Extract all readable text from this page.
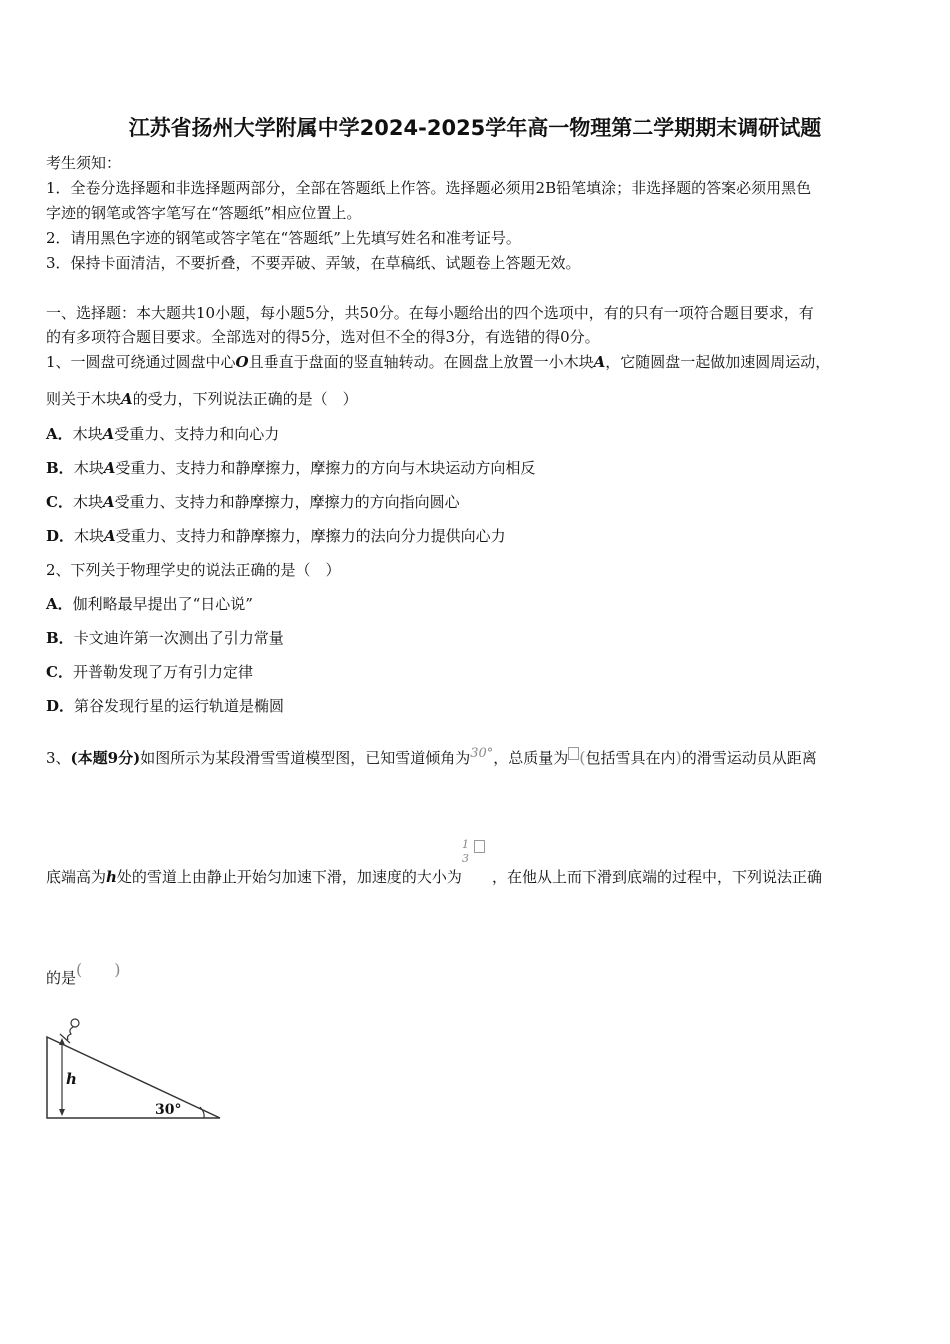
江苏省扬州大学附属中学2024-2025学年高一物理第二学期期末调研试题
考生须知：
1．全卷分选择题和非选择题两部分，全部在答题纸上作答。选择题必须用2B铅笔填涂；非选择题的答案必须用黑色
字迹的钢笔或答字笔写在“答题纸”相应位置上。
2．请用黑色字迹的钢笔或答字笔在“答题纸”上先填写姓名和准考证号。
3．保持卡面清洁，不要折叠，不要弄破、弄皱，在草稿纸、试题卷上答题无效。
一、选择题：本大题共10小题，每小题5分，共50分。在每小题给出的四个选项中，有的只有一项符合题目要求，有
的有多项符合题目要求。全部选对的得5分，选对但不全的得3分，有选错的得0分。
1、一圆盘可绕通过圆盘中心O且垂直于盘面的竖直轴转动。在圆盘上放置一小木块A，它随圆盘一起做加速圆周运动，
则关于木块A的受力，下列说法正确的是（　）
A．木块A受重力、支持力和向心力
B．木块A受重力、支持力和静摩擦力，摩擦力的方向与木块运动方向相反
C．木块A受重力、支持力和静摩擦力，摩擦力的方向指向圆心
D．木块A受重力、支持力和静摩擦力，摩擦力的法向分力提供向心力
2、下列关于物理学史的说法正确的是（　）
A．伽利略最早提出了“日心说”
B．卡文迪许第一次测出了引力常量
C．开普勒发现了万有引力定律
D．第谷发现行星的运行轨道是椭圆
3、(本题9分)如图所示为某段滑雪雪道模型图，已知雪道倾角为$^{30^\circ}$，总质量为 (包括雪具在内)的滑雪运动员从距离
底端高为h处的雪道上由静止开始匀加速下滑，加速度的大小为
1
3
，在他从上而下滑到底端的过程中，下列说法正确
的是(　　)
h
30°
